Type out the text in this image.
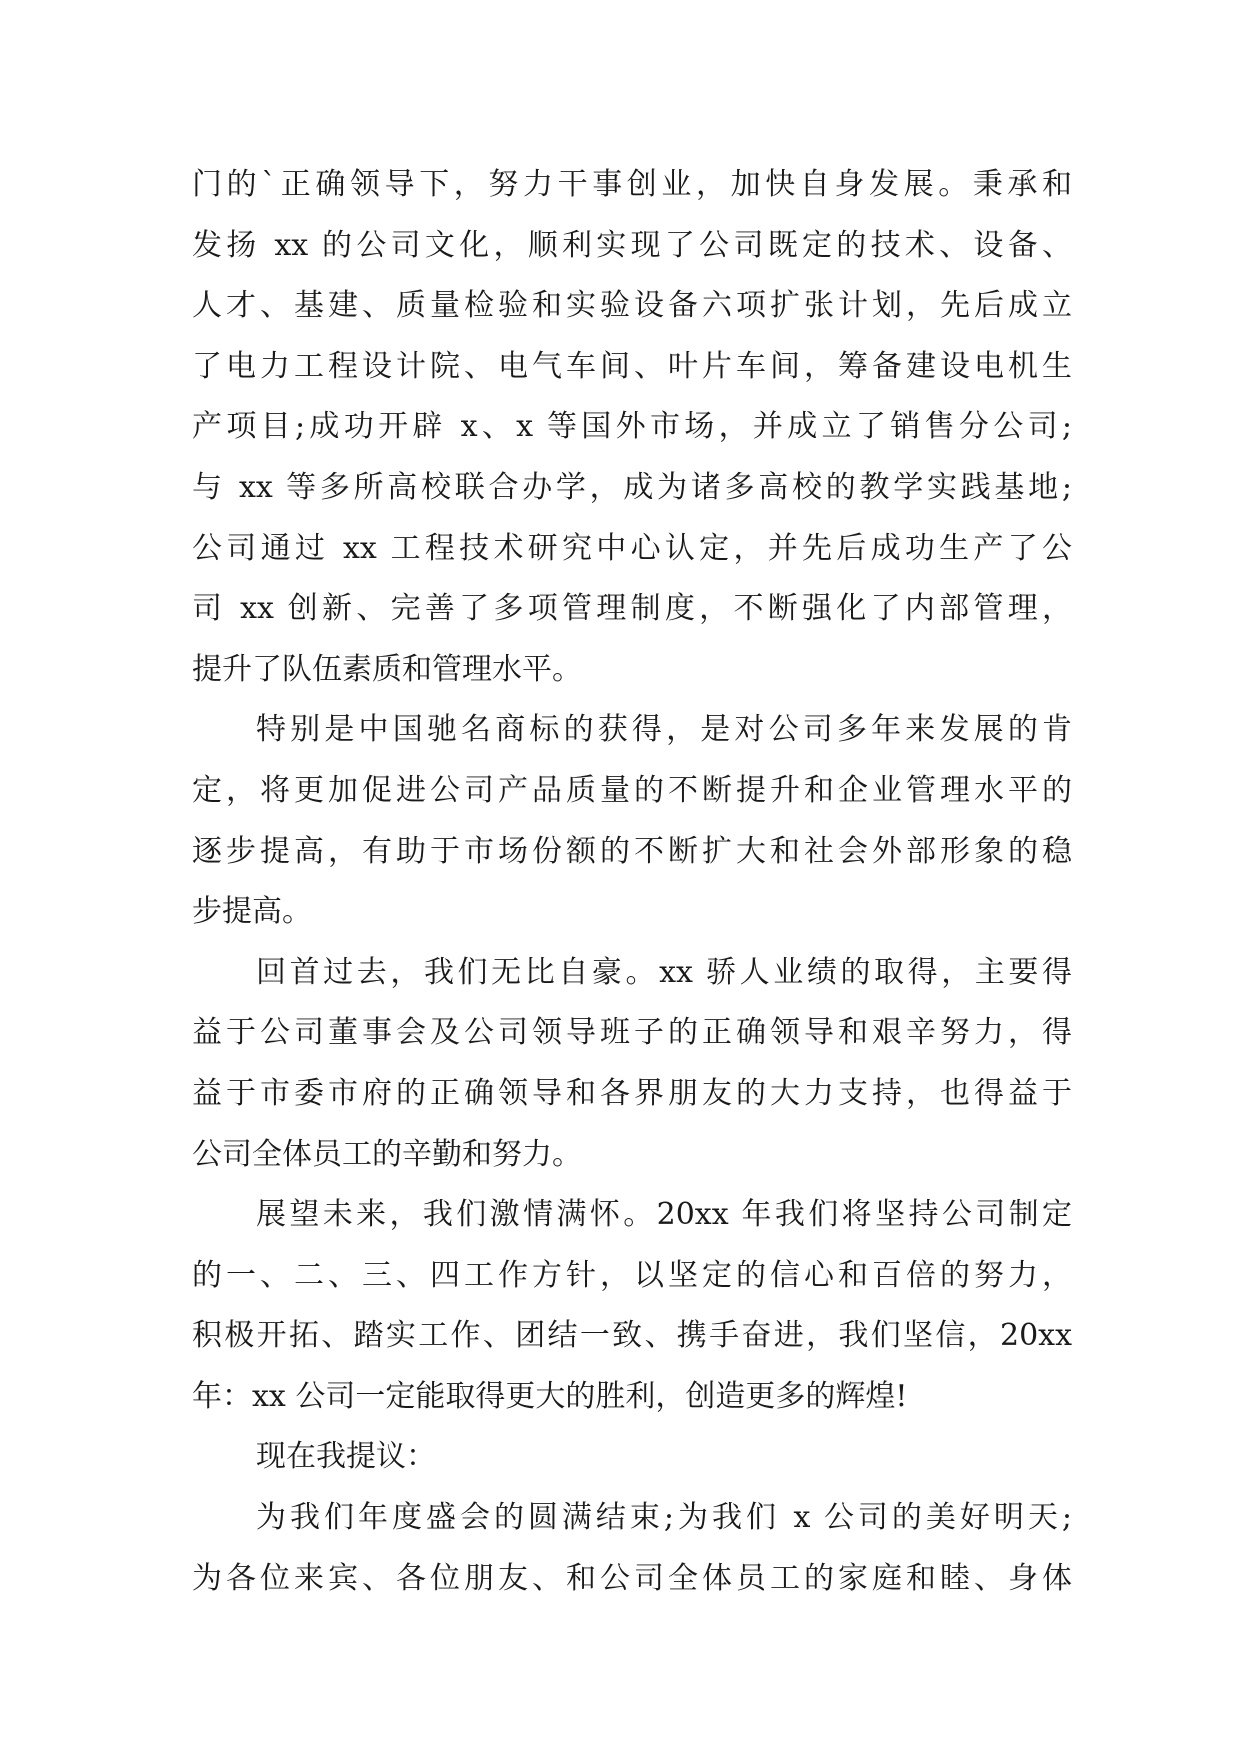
门的`正确领导下，努力干事创业，加快自身发展。秉承和
发扬 xx 的公司文化，顺利实现了公司既定的技术、设备、
人才、基建、质量检验和实验设备六项扩张计划，先后成立
了电力工程设计院、电气车间、叶片车间，筹备建设电机生
产项目;成功开辟 x、x 等国外市场，并成立了销售分公司;
与 xx 等多所高校联合办学，成为诸多高校的教学实践基地;
公司通过 xx 工程技术研究中心认定，并先后成功生产了公
司 xx 创新、完善了多项管理制度，不断强化了内部管理，
提升了队伍素质和管理水平。
特别是中国驰名商标的获得，是对公司多年来发展的肯
定，将更加促进公司产品质量的不断提升和企业管理水平的
逐步提高，有助于市场份额的不断扩大和社会外部形象的稳
步提高。
回首过去，我们无比自豪。xx 骄人业绩的取得，主要得
益于公司董事会及公司领导班子的正确领导和艰辛努力，得
益于市委市府的正确领导和各界朋友的大力支持，也得益于
公司全体员工的辛勤和努力。
展望未来，我们激情满怀。20xx 年我们将坚持公司制定
的一、二、三、四工作方针，以坚定的信心和百倍的努力，
积极开拓、踏实工作、团结一致、携手奋进，我们坚信，20xx
年：xx 公司一定能取得更大的胜利，创造更多的辉煌!
现在我提议：
为我们年度盛会的圆满结束;为我们 x 公司的美好明天;
为各位来宾、各位朋友、和公司全体员工的家庭和睦、身体
